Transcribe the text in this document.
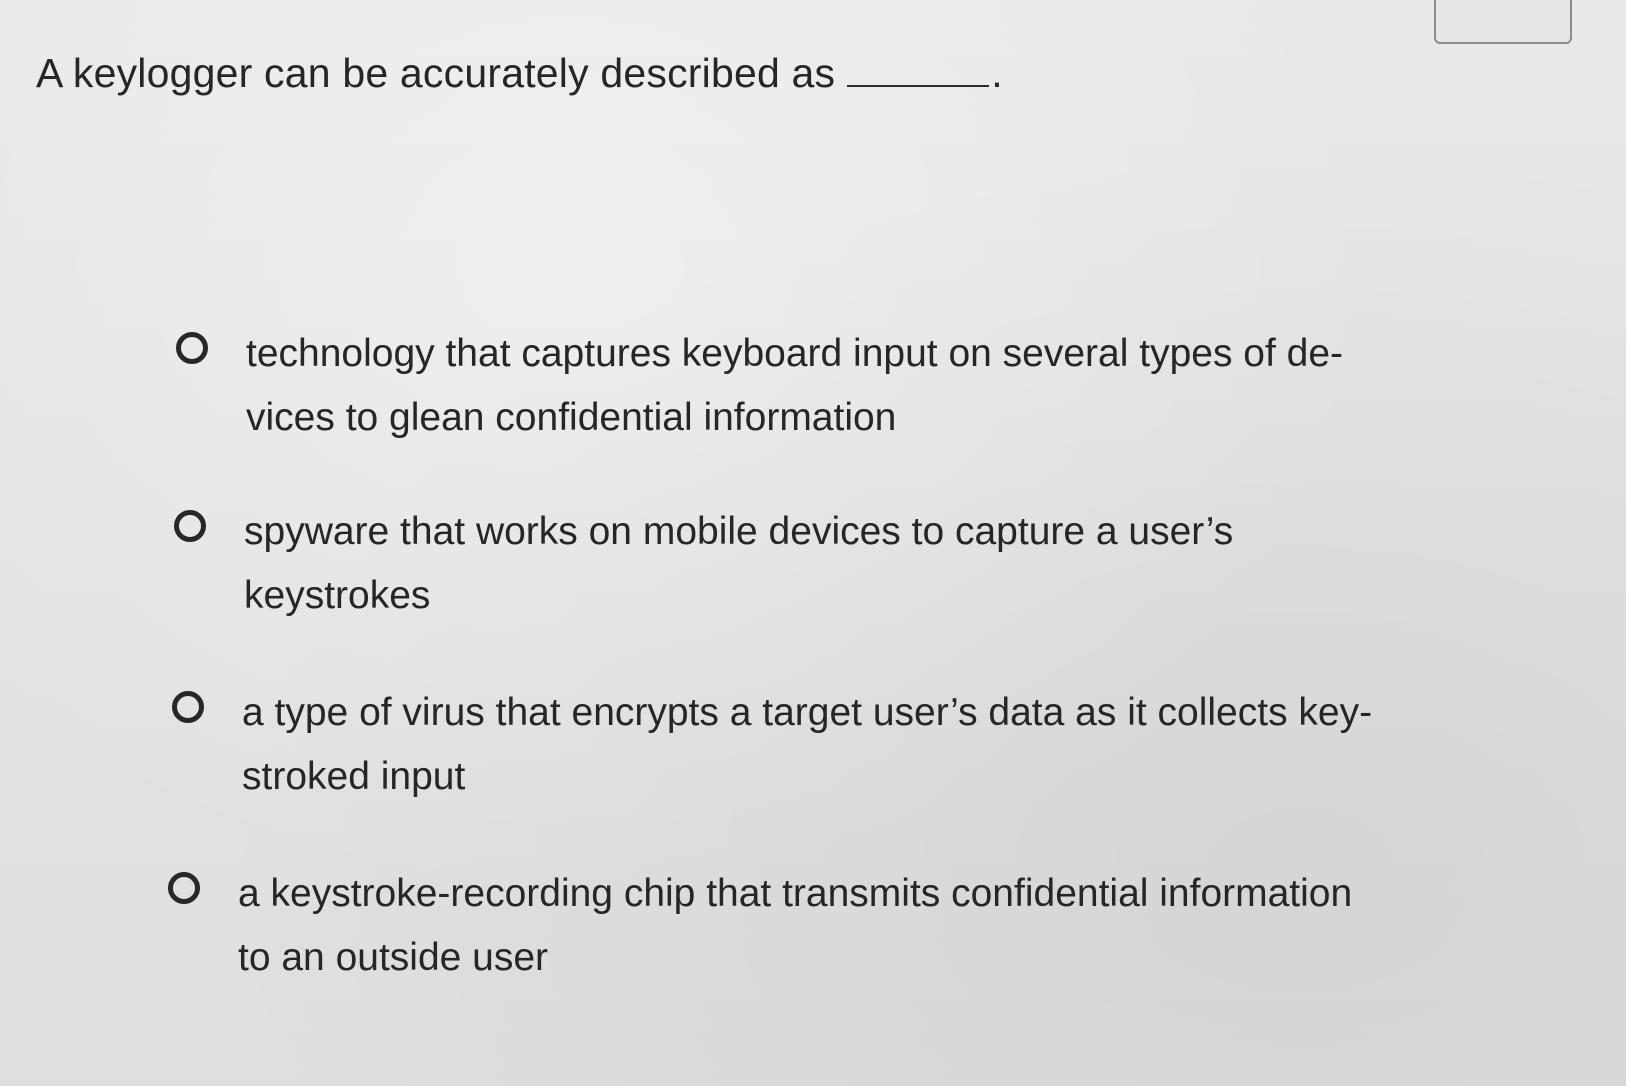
A keylogger can be accurately described as	.
technology that captures keyboard input on several types of de-
vices to glean confidential information
spyware that works on mobile devices to capture a user’s
keystrokes
a type of virus that encrypts a target user’s data as it collects key-
stroked input
a keystroke-recording chip that transmits confidential information
to an outside user
